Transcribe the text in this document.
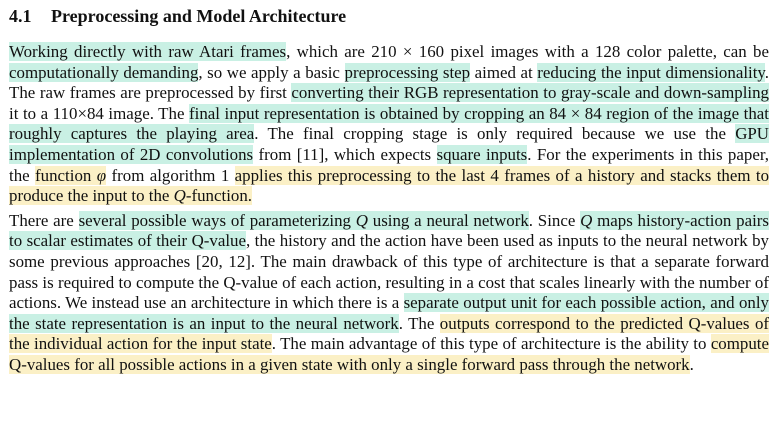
4.1 Preprocessing and Model Architecture

Working directly with raw Atari frames, which are 210 × 160 pixel images with a 128 color palette, can be computationally demanding, so we apply a basic preprocessing step aimed at reducing the input dimensionality. The raw frames are preprocessed by first converting their RGB representation to gray-scale and down-sampling it to a 110×84 image. The final input representation is obtained by cropping an 84 × 84 region of the image that roughly captures the playing area. The final cropping stage is only required because we use the GPU implementation of 2D convolutions from [11], which expects square inputs. For the experiments in this paper, the function φ from algorithm 1 applies this preprocessing to the last 4 frames of a history and stacks them to produce the input to the Q-function.

There are several possible ways of parameterizing Q using a neural network. Since Q maps history-action pairs to scalar estimates of their Q-value, the history and the action have been used as inputs to the neural network by some previous approaches [20, 12]. The main drawback of this type of architecture is that a separate forward pass is required to compute the Q-value of each action, resulting in a cost that scales linearly with the number of actions. We instead use an architecture in which there is a separate output unit for each possible action, and only the state representation is an input to the neural network. The outputs correspond to the predicted Q-values of the individual action for the input state. The main advantage of this type of architecture is the ability to compute Q-values for all possible actions in a given state with only a single forward pass through the network.
